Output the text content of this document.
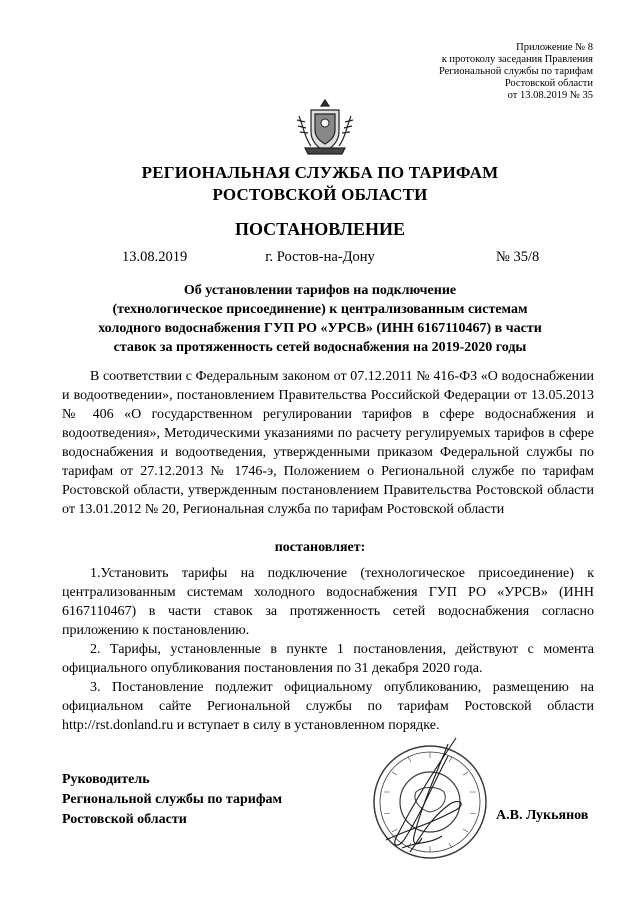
Приложение № 8
к протоколу заседания Правления
Региональной службы по тарифам
Ростовской области
от 13.08.2019 № 35
РЕГИОНАЛЬНАЯ СЛУЖБА ПО ТАРИФАМ
РОСТОВСКОЙ ОБЛАСТИ
ПОСТАНОВЛЕНИЕ
13.08.2019	г. Ростов-на-Дону	№ 35/8
Об установлении тарифов на подключение
(технологическое присоединение) к централизованным системам
холодного водоснабжения ГУП РО «УРСВ» (ИНН 6167110467) в части
ставок за протяженность сетей водоснабжения на 2019-2020 годы
В соответствии с Федеральным законом от 07.12.2011 № 416-ФЗ «О водоснабжении и водоотведении», постановлением Правительства Российской Федерации от 13.05.2013 № 406 «О государственном регулировании тарифов в сфере водоснабжения и водоотведения», Методическими указаниями по расчету регулируемых тарифов в сфере водоснабжения и водоотведения, утвержденными приказом Федеральной службы по тарифам от 27.12.2013 № 1746-э, Положением о Региональной службе по тарифам Ростовской области, утвержденным постановлением Правительства Ростовской области от 13.01.2012 № 20, Региональная служба по тарифам Ростовской области
постановляет:

1.Установить тарифы на подключение (технологическое присоединение) к централизованным системам холодного водоснабжения ГУП РО «УРСВ» (ИНН 6167110467) в части ставок за протяженность сетей водоснабжения согласно приложению к постановлению.

2. Тарифы, установленные в пункте 1 постановления, действуют с момента официального опубликования постановления по 31 декабря 2020 года.

3. Постановление подлежит официальному опубликованию, размещению на официальном сайте Региональной службы по тарифам Ростовской области http://rst.donland.ru и вступает в силу в установленном порядке.

Руководитель
Региональной службы по тарифам
Ростовской области	А.В. Лукьянов
